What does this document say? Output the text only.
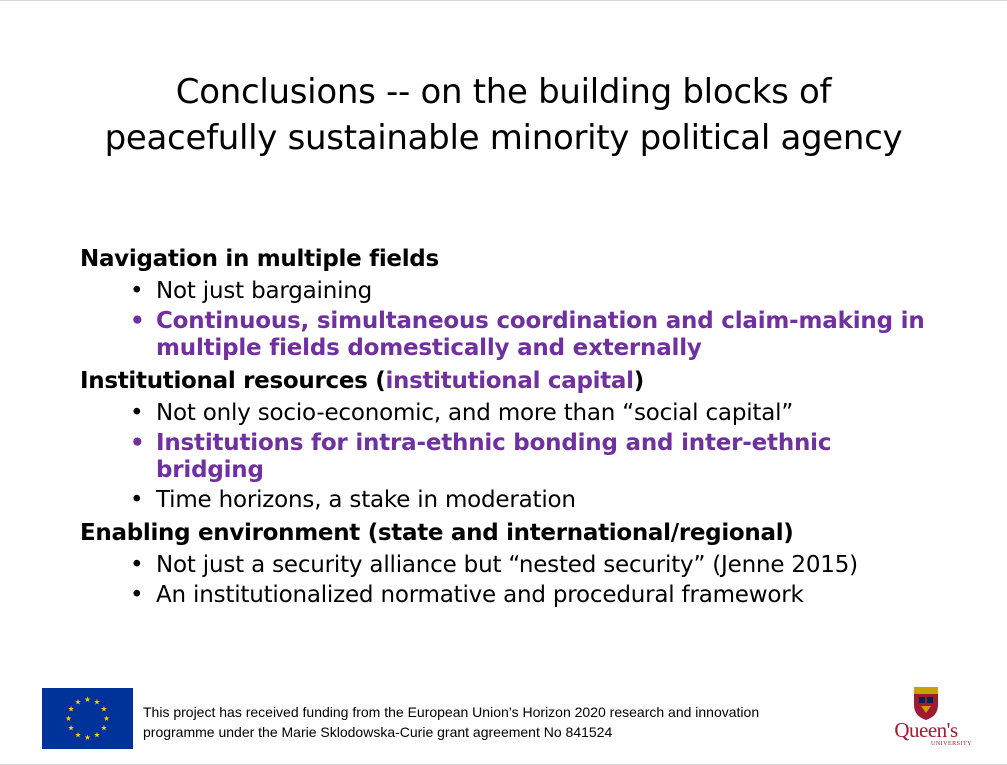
Conclusions -- on the building blocks of
peacefully sustainable minority political agency
Navigation in multiple fields
• Not just bargaining
• Continuous, simultaneous coordination and claim-making in
multiple fields domestically and externally
Institutional resources (institutional capital)
• Not only socio-economic, and more than “social capital”
• Institutions for intra-ethnic bonding and inter-ethnic
bridging
• Time horizons, a stake in moderation
Enabling environment (state and international/regional)
• Not just a security alliance but “nested security” (Jenne 2015)
• An institutionalized normative and procedural framework
This project has received funding from the European Union’s Horizon 2020 research and innovation
programme under the Marie Sklodowska-Curie grant agreement No 841524	Queen's
UNIVERSITY
